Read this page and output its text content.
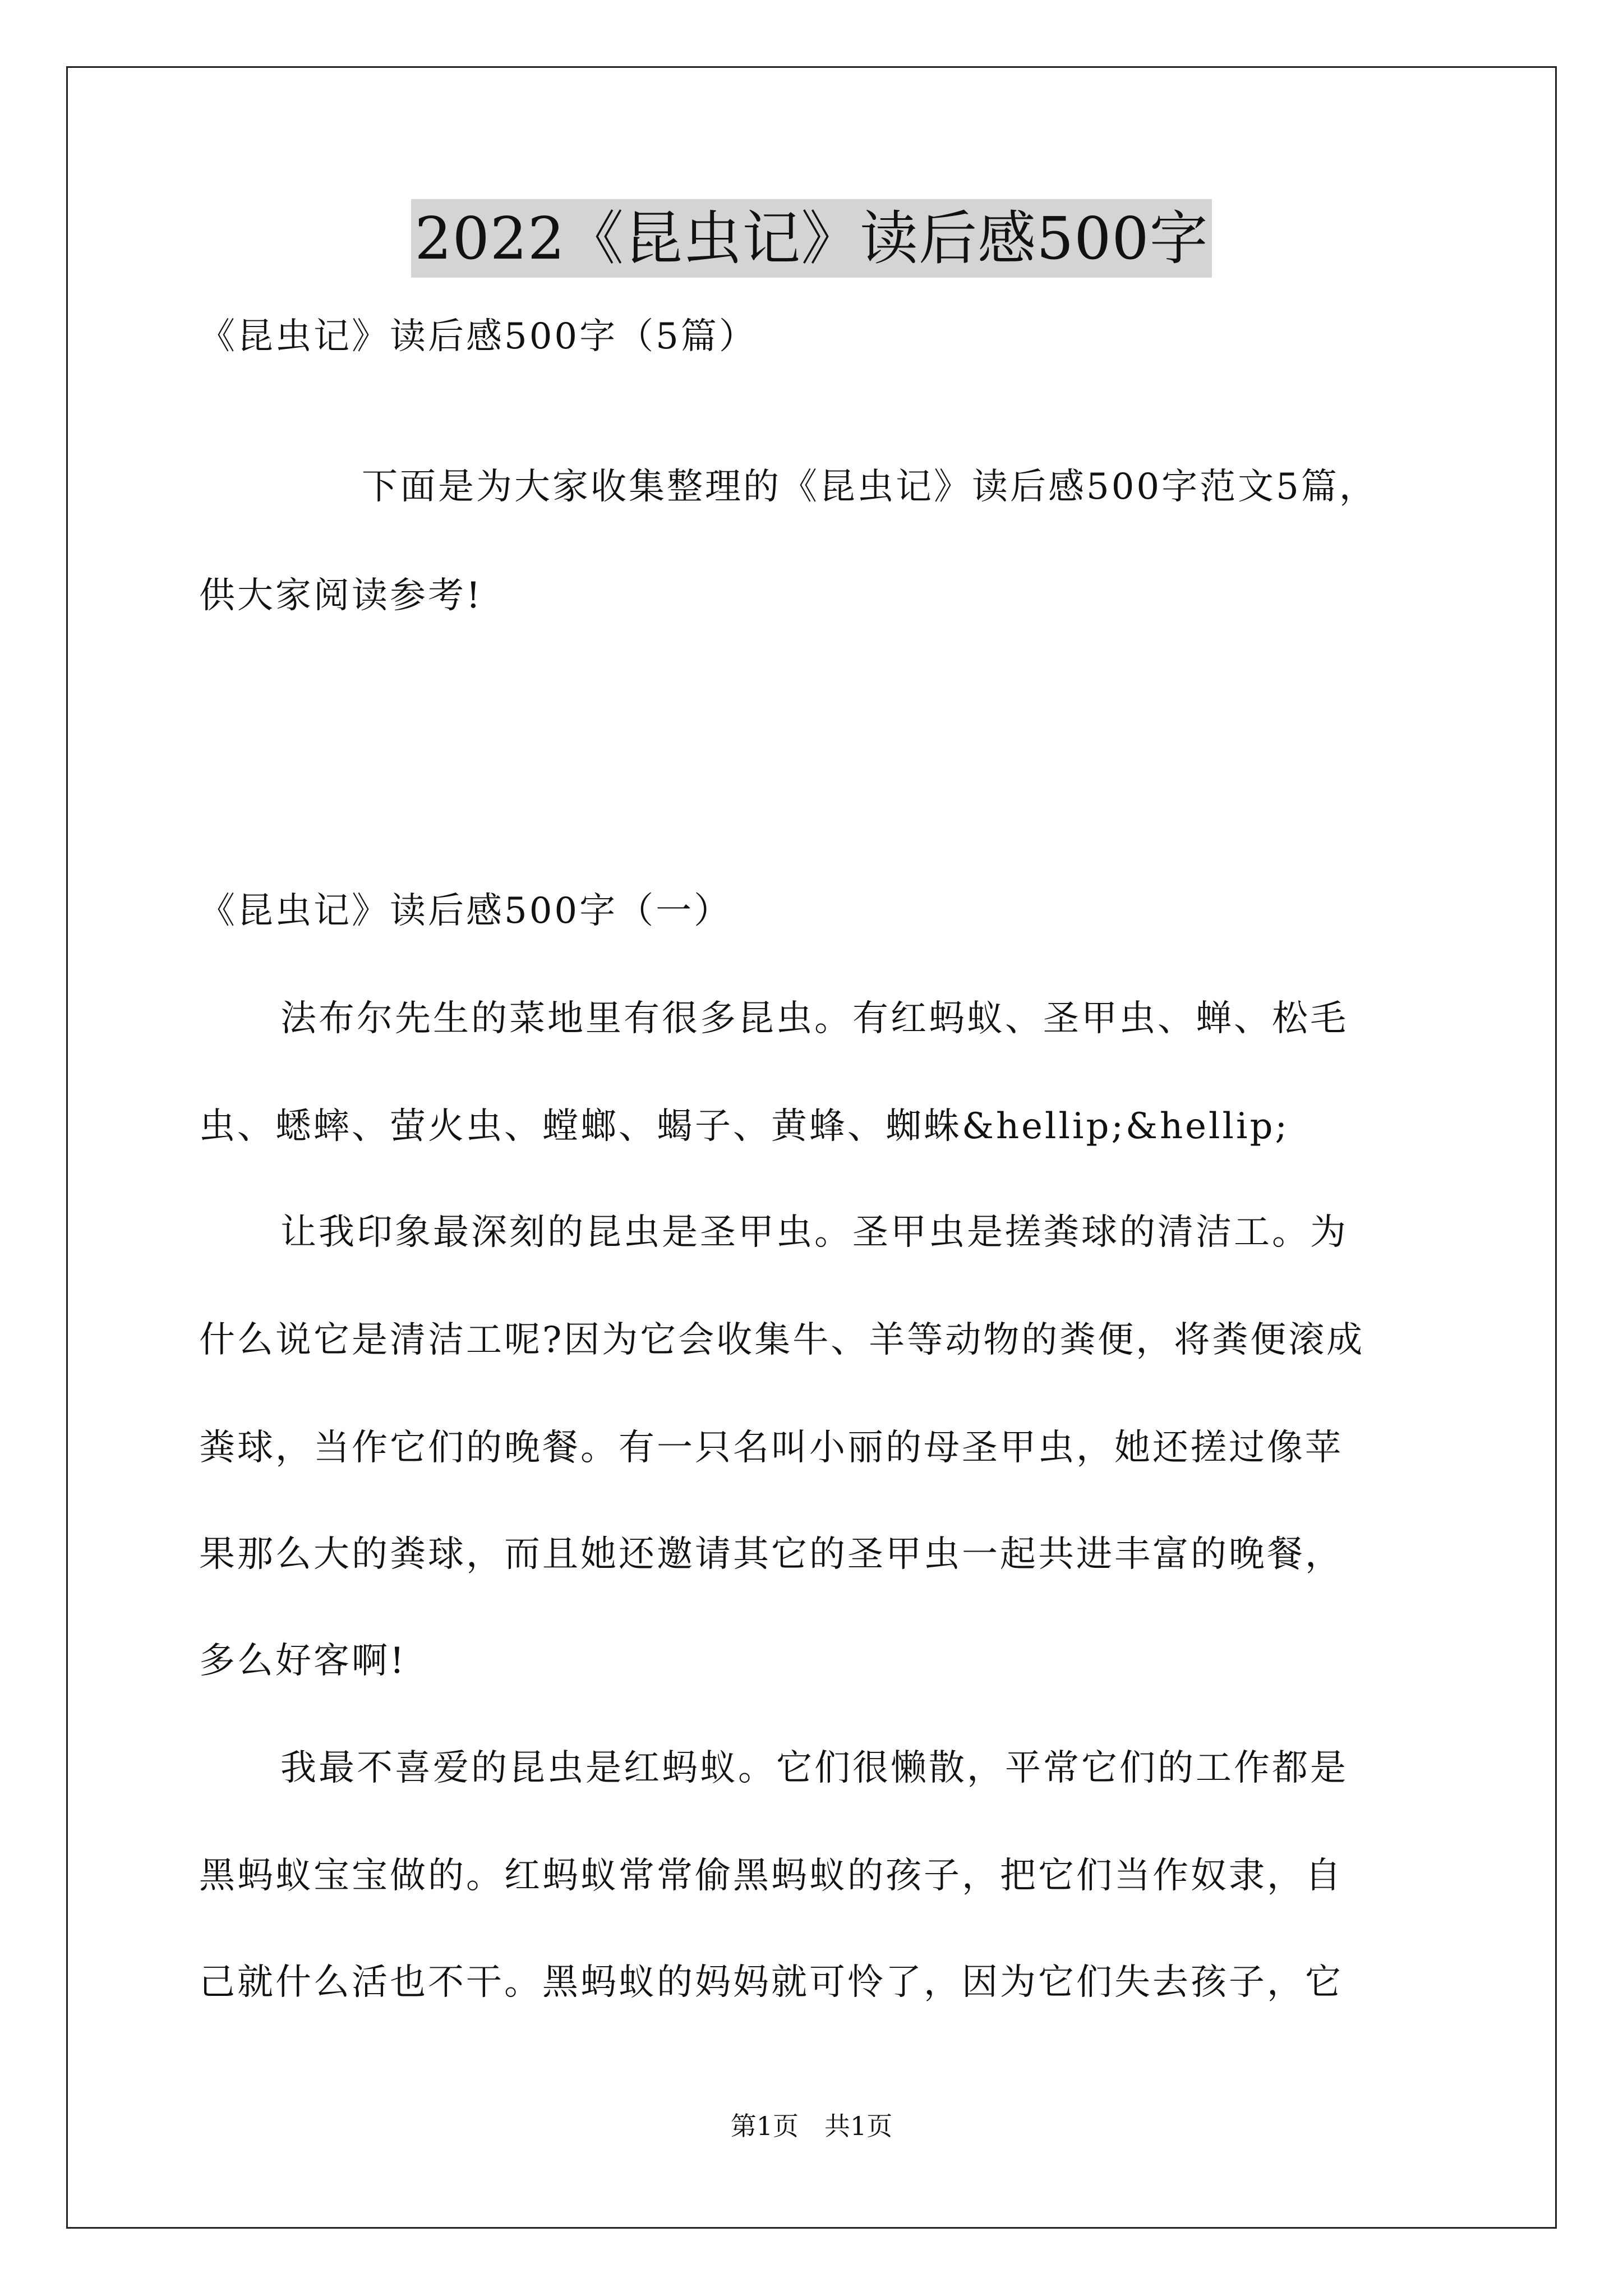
2022《昆虫记》读后感500字
《昆虫记》读后感500字（5篇）
下面是为大家收集整理的《昆虫记》读后感500字范文5篇，
供大家阅读参考!
《昆虫记》读后感500字（一）
法布尔先生的菜地里有很多昆虫。有红蚂蚁、圣甲虫、蝉、松毛
虫、蟋蟀、萤火虫、螳螂、蝎子、黄蜂、蜘蛛&hellip;&hellip;
让我印象最深刻的昆虫是圣甲虫。圣甲虫是搓粪球的清洁工。为
什么说它是清洁工呢?因为它会收集牛、羊等动物的粪便，将粪便滚成
粪球，当作它们的晚餐。有一只名叫小丽的母圣甲虫，她还搓过像苹
果那么大的粪球，而且她还邀请其它的圣甲虫一起共进丰富的晚餐，
多么好客啊!
我最不喜爱的昆虫是红蚂蚁。它们很懒散，平常它们的工作都是
黑蚂蚁宝宝做的。红蚂蚁常常偷黑蚂蚁的孩子，把它们当作奴隶，自
己就什么活也不干。黑蚂蚁的妈妈就可怜了，因为它们失去孩子，它
第1页　共1页
